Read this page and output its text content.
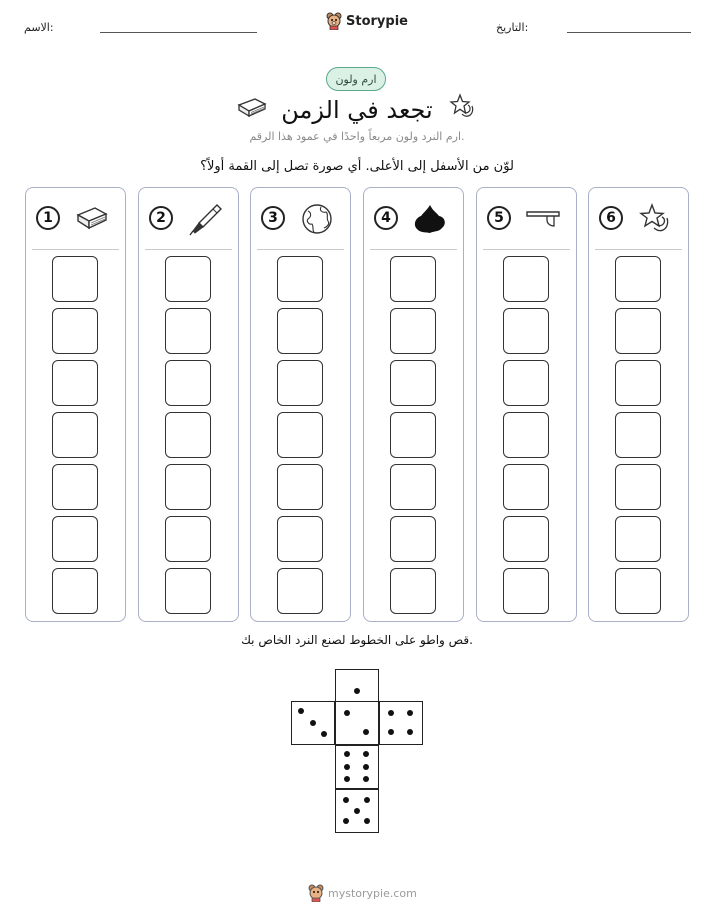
الاسم:	Storypie	التاريخ:
ارم ولون
تجعد في الزمن
ارم النرد ولون مربعاً واحدًا في عمود هذا الرقم.
لوّن من الأسفل إلى الأعلى. أي صورة تصل إلى القمة أولاً؟
1	2	3	4	5	6
قص واطو على الخطوط لصنع النرد الخاص بك.
mystorypie.com
